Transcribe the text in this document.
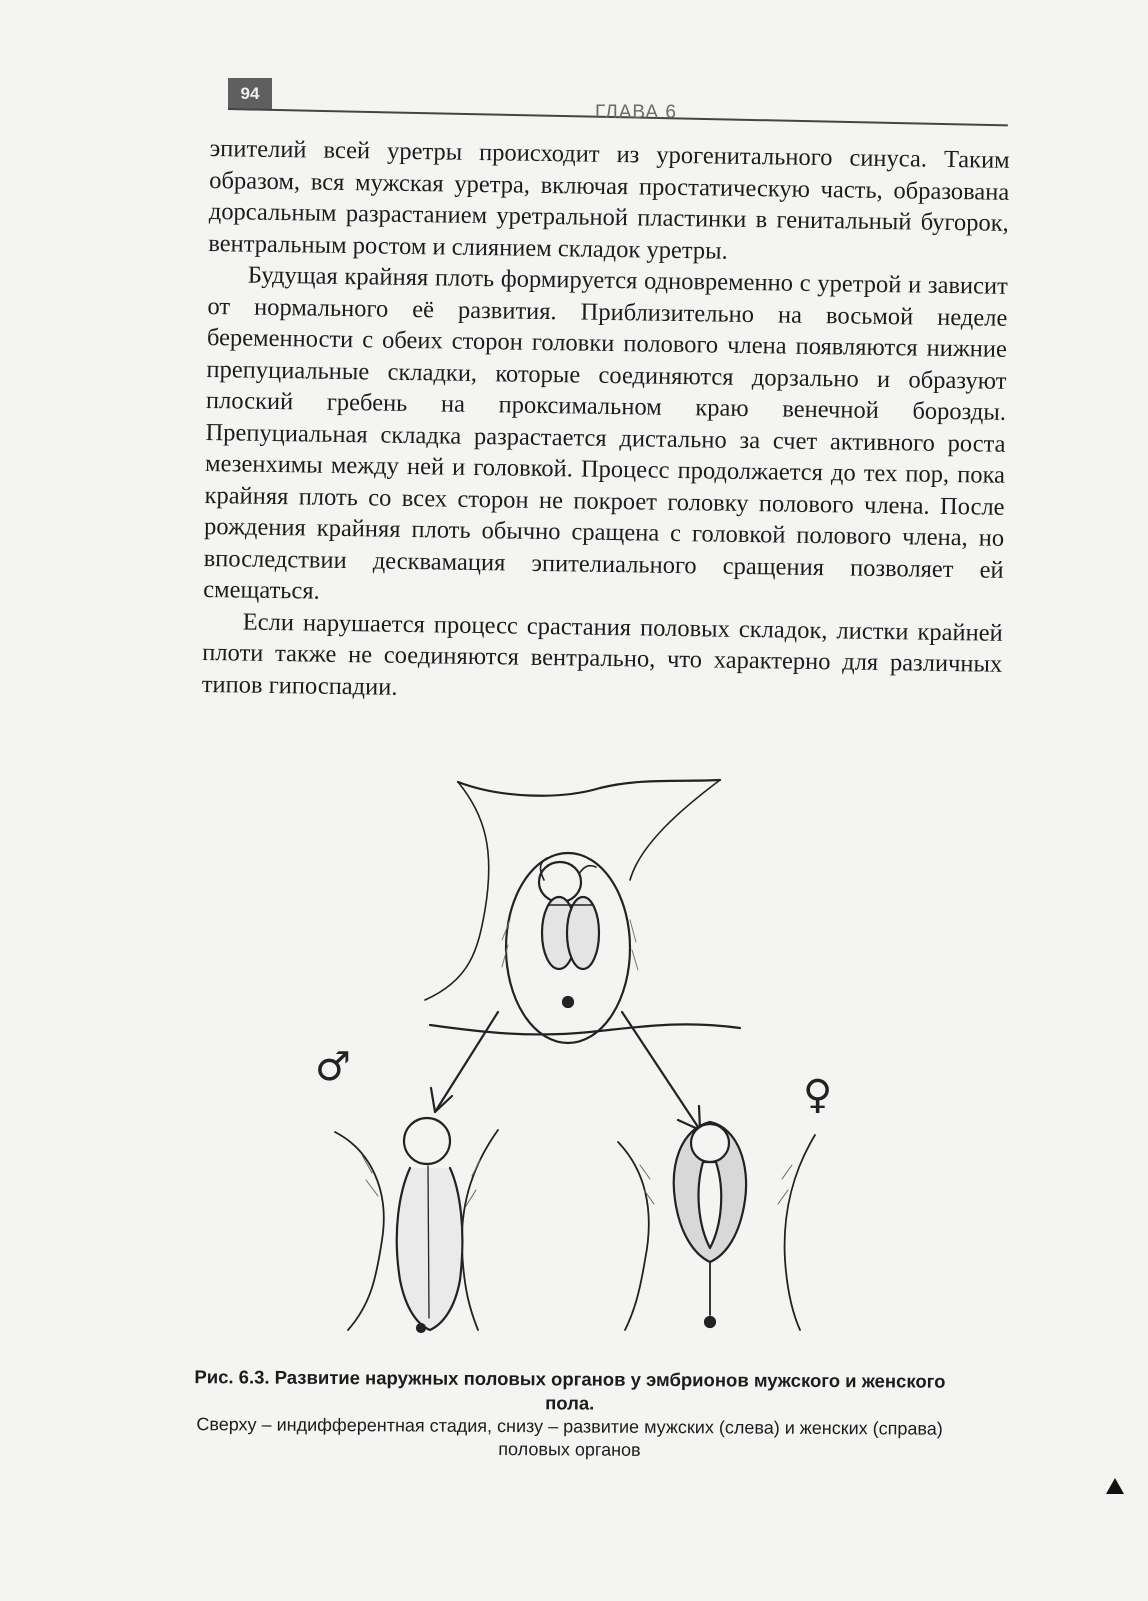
94
ГЛАВА 6

эпителий всей уретры происходит из урогенитального синуса. Таким образом, вся мужская уретра, включая простатическую часть, образована дорсальным разрастанием уретральной пластинки в генитальный бугорок, вентральным ростом и слиянием складок уретры.

Будущая крайняя плоть формируется одновременно с уретрой и зависит от нормального её развития. Приблизительно на восьмой неделе беременности с обеих сторон головки полового члена появляются нижние препуциальные складки, которые соединяются дорзально и образуют плоский гребень на проксимальном краю венечной борозды. Препуциальная складка разрастается дистально за счет активного роста мезенхимы между ней и головкой. Процесс продолжается до тех пор, пока крайняя плоть со всех сторон не покроет головку полового члена. После рождения крайняя плоть обычно сращена с головкой полового члена, но впоследствии десквамация эпителиального сращения позволяет ей смещаться.

Если нарушается процесс срастания половых складок, листки крайней плоти также не соединяются вентрально, что характерно для различных типов гипоспадии.

♂
♀
Рис. 6.3. Развитие наружных половых органов у эмбрионов мужского и женского пола.
Сверху – индифферентная стадия, снизу – развитие мужских (слева) и женских (справа) половых органов
